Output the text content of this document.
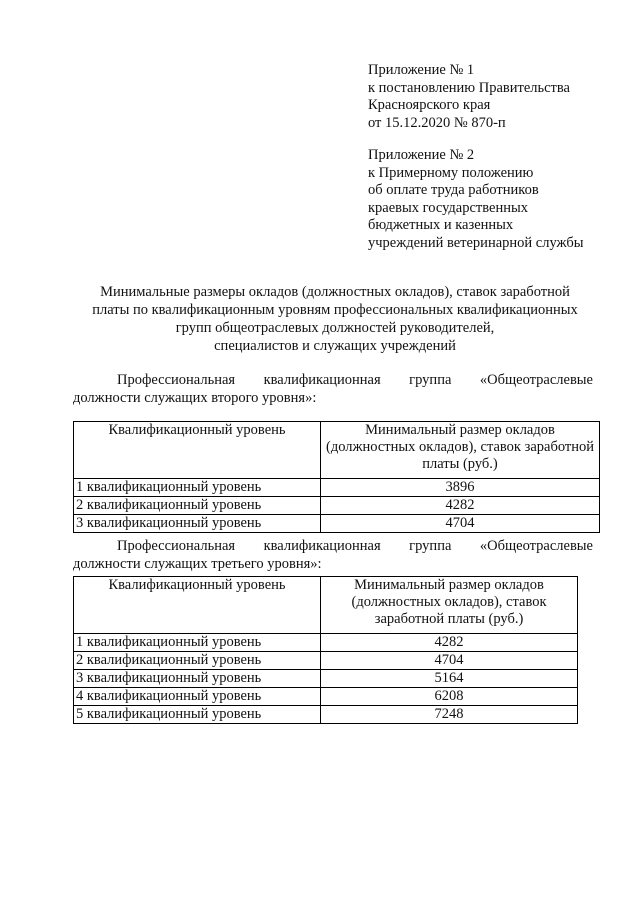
Приложение № 1
к постановлению Правительства
Красноярского края
от 15.12.2020 № 870-п
Приложение № 2
к Примерному положению
об оплате труда работников
краевых государственных
бюджетных и казенных
учреждений ветеринарной службы
Минимальные размеры окладов (должностных окладов), ставок заработной
платы по квалификационным уровням профессиональных квалификационных
групп общеотраслевых должностей руководителей,
специалистов и служащих учреждений
Профессиональная квалификационная группа «Общеотраслевые
должности служащих второго уровня»:
Квалификационный уровень	Минимальный размер окладов (должностных окладов), ставок заработной платы (руб.)
1 квалификационный уровень	3896
2 квалификационный уровень	4282
3 квалификационный уровень	4704
Профессиональная квалификационная группа «Общеотраслевые
должности служащих третьего уровня»:
Квалификационный уровень	Минимальный размер окладов (должностных окладов), ставок заработной платы (руб.)
1 квалификационный уровень	4282
2 квалификационный уровень	4704
3 квалификационный уровень	5164
4 квалификационный уровень	6208
5 квалификационный уровень	7248
